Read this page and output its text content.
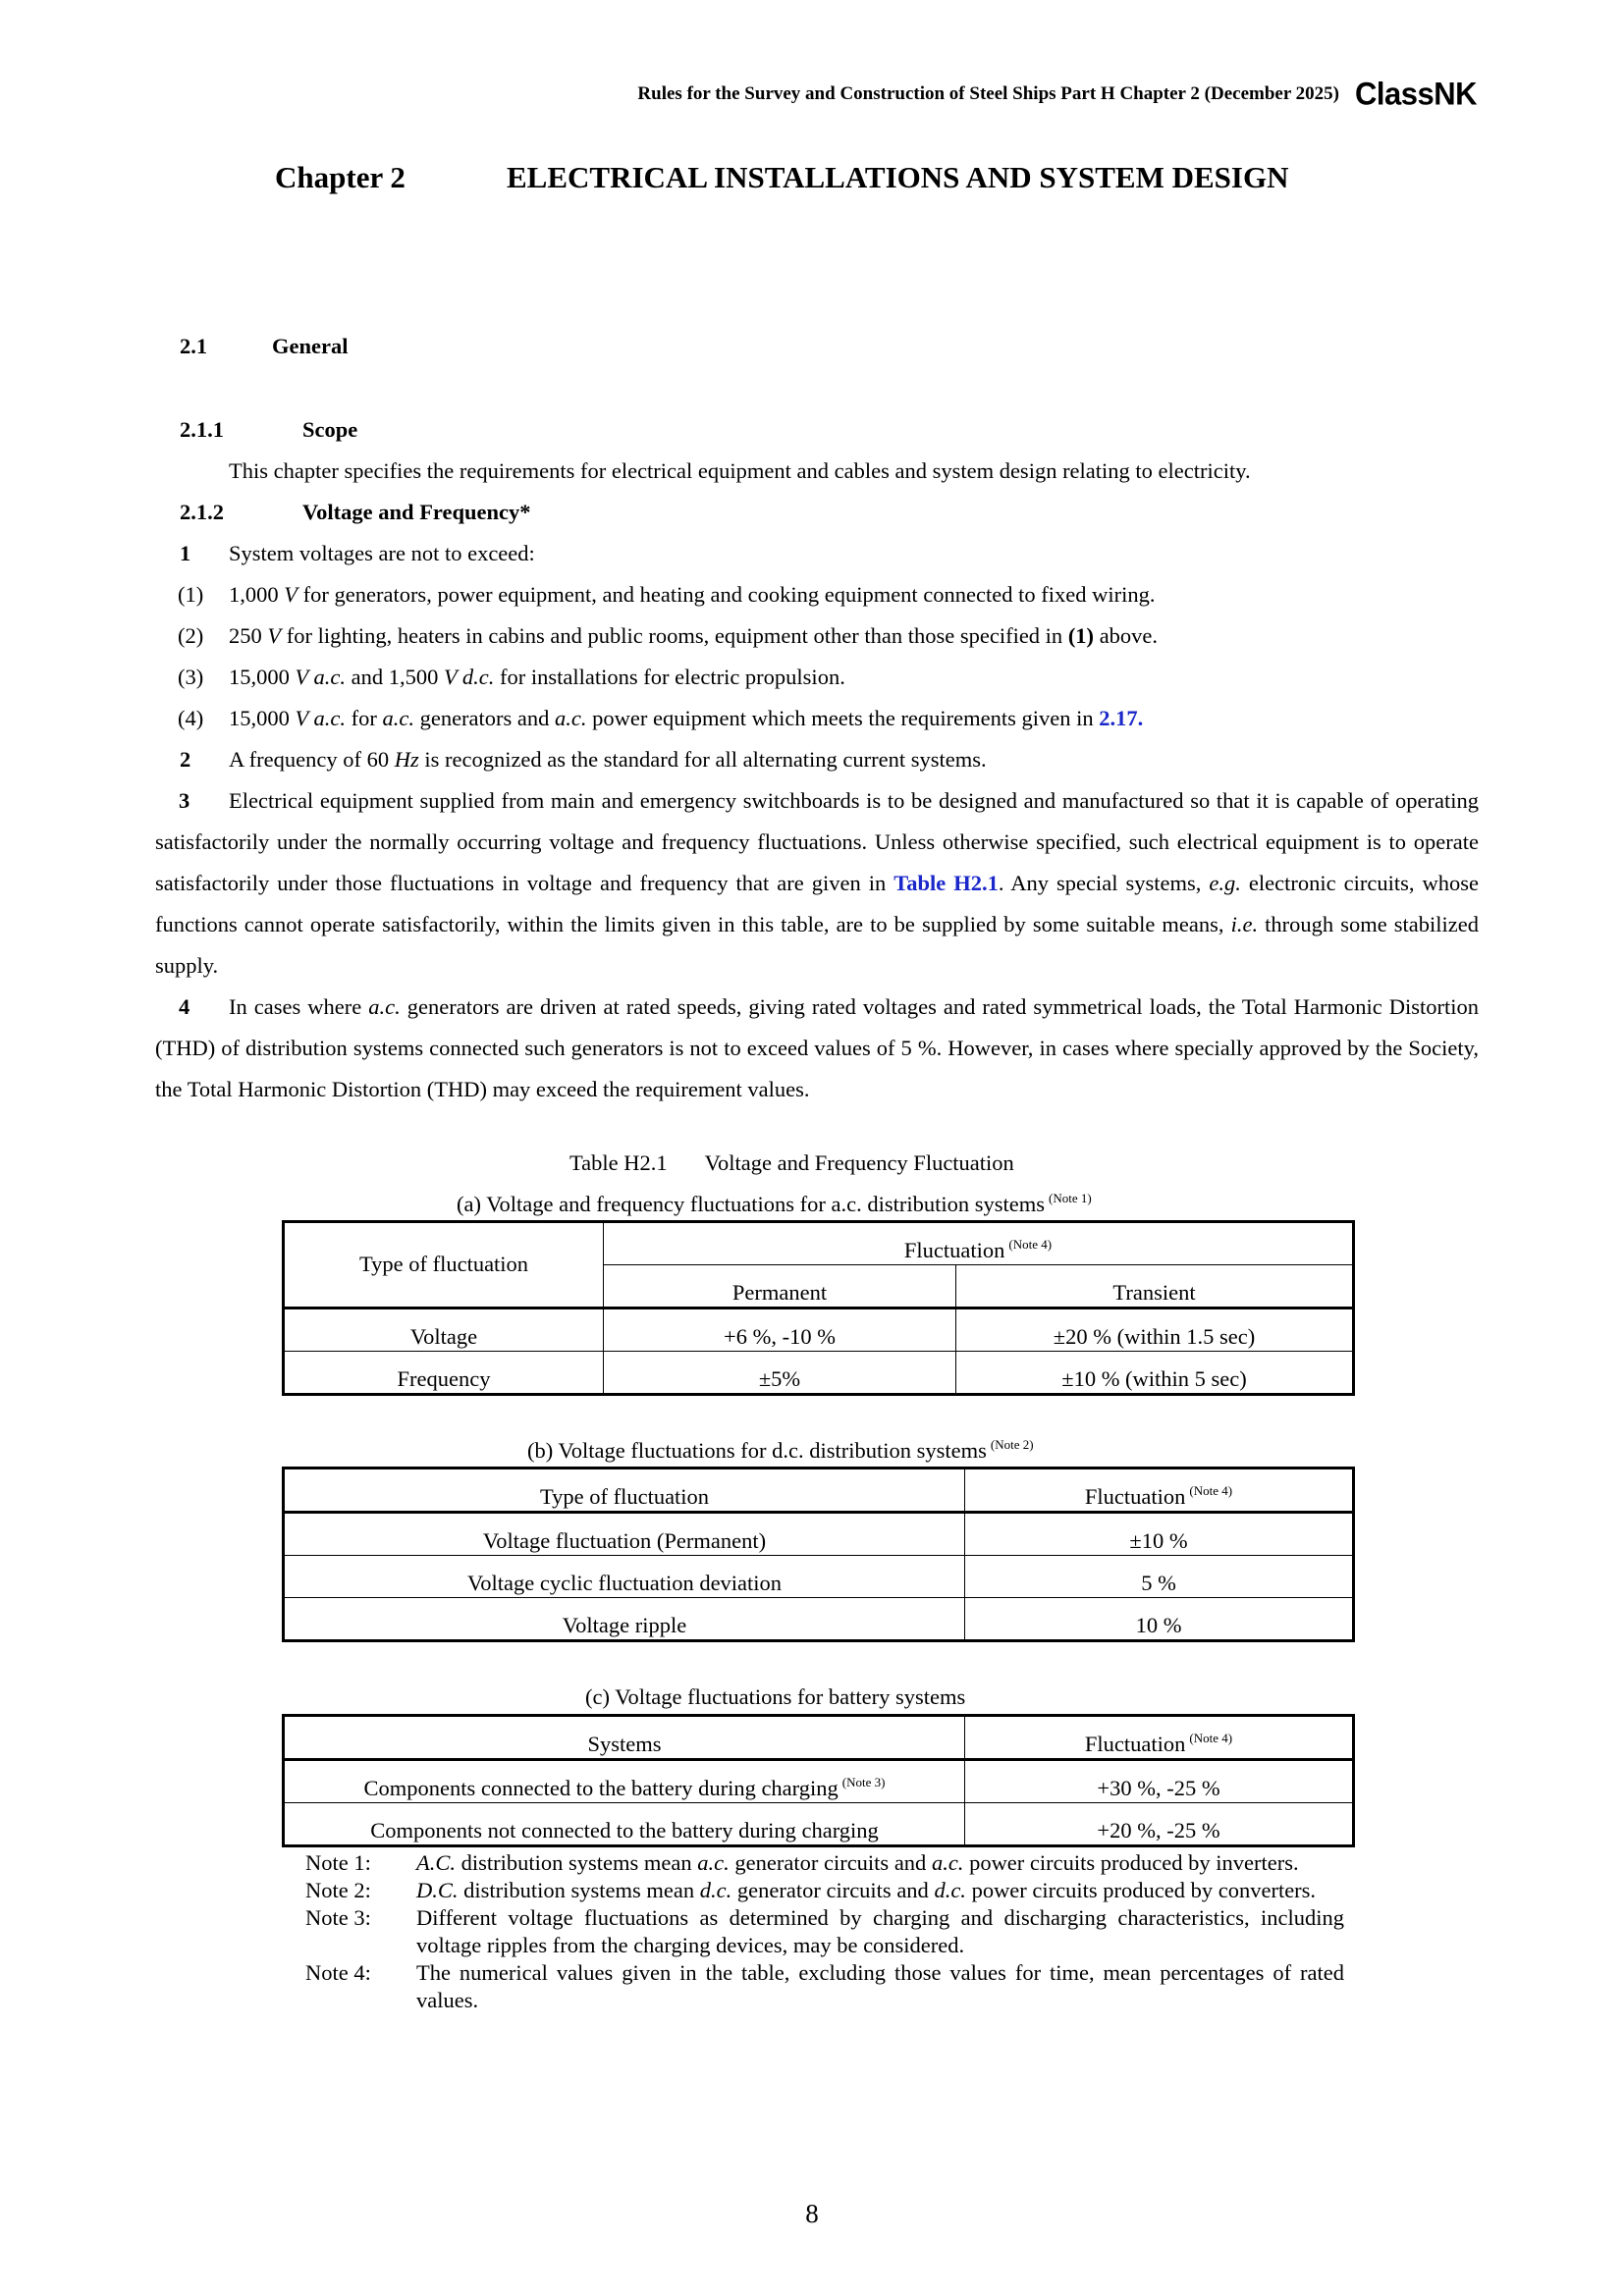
Rules for the Survey and Construction of Steel Ships Part H Chapter 2 (December 2025) ClassNK
Chapter 2	ELECTRICAL INSTALLATIONS AND SYSTEM DESIGN
2.1	General
2.1.1	Scope
This chapter specifies the requirements for electrical equipment and cables and system design relating to electricity.
2.1.2	Voltage and Frequency*
1 System voltages are not to exceed:
(1) 1,000 V for generators, power equipment, and heating and cooking equipment connected to fixed wiring.
(2) 250 V for lighting, heaters in cabins and public rooms, equipment other than those specified in (1) above.
(3) 15,000 V a.c. and 1,500 V d.c. for installations for electric propulsion.
(4) 15,000 V a.c. for a.c. generators and a.c. power equipment which meets the requirements given in 2.17.
2 A frequency of 60 Hz is recognized as the standard for all alternating current systems.
3 Electrical equipment supplied from main and emergency switchboards is to be designed and manufactured so that it is capable of operating satisfactorily under the normally occurring voltage and frequency fluctuations. Unless otherwise specified, such electrical equipment is to operate satisfactorily under those fluctuations in voltage and frequency that are given in Table H2.1. Any special systems, e.g. electronic circuits, whose functions cannot operate satisfactorily, within the limits given in this table, are to be supplied by some suitable means, i.e. through some stabilized supply.
4 In cases where a.c. generators are driven at rated speeds, giving rated voltages and rated symmetrical loads, the Total Harmonic Distortion (THD) of distribution systems connected such generators is not to exceed values of 5 %. However, in cases where specially approved by the Society, the Total Harmonic Distortion (THD) may exceed the requirement values.
Table H2.1 Voltage and Frequency Fluctuation
(a) Voltage and frequency fluctuations for a.c. distribution systems $^{(Note 1)}$
Type of fluctuation	Fluctuation $^{(Note 4)}$
	Permanent	Transient
Voltage	+6 %, -10 %	±20 % (within 1.5 sec)
Frequency	±5%	±10 % (within 5 sec)
(b) Voltage fluctuations for d.c. distribution systems $^{(Note 2)}$
Type of fluctuation	Fluctuation $^{(Note 4)}$
Voltage fluctuation (Permanent)	±10 %
Voltage cyclic fluctuation deviation	5 %
Voltage ripple	10 %
(c) Voltage fluctuations for battery systems
Systems	Fluctuation $^{(Note 4)}$
Components connected to the battery during charging $^{(Note 3)}$	+30 %, -25 %
Components not connected to the battery during charging	+20 %, -25 %
Note 1:	A.C. distribution systems mean a.c. generator circuits and a.c. power circuits produced by inverters.
Note 2:	D.C. distribution systems mean d.c. generator circuits and d.c. power circuits produced by converters.
Note 3:	Different voltage fluctuations as determined by charging and discharging characteristics, including voltage ripples from the charging devices, may be considered.
Note 4:	The numerical values given in the table, excluding those values for time, mean percentages of rated values.
8
